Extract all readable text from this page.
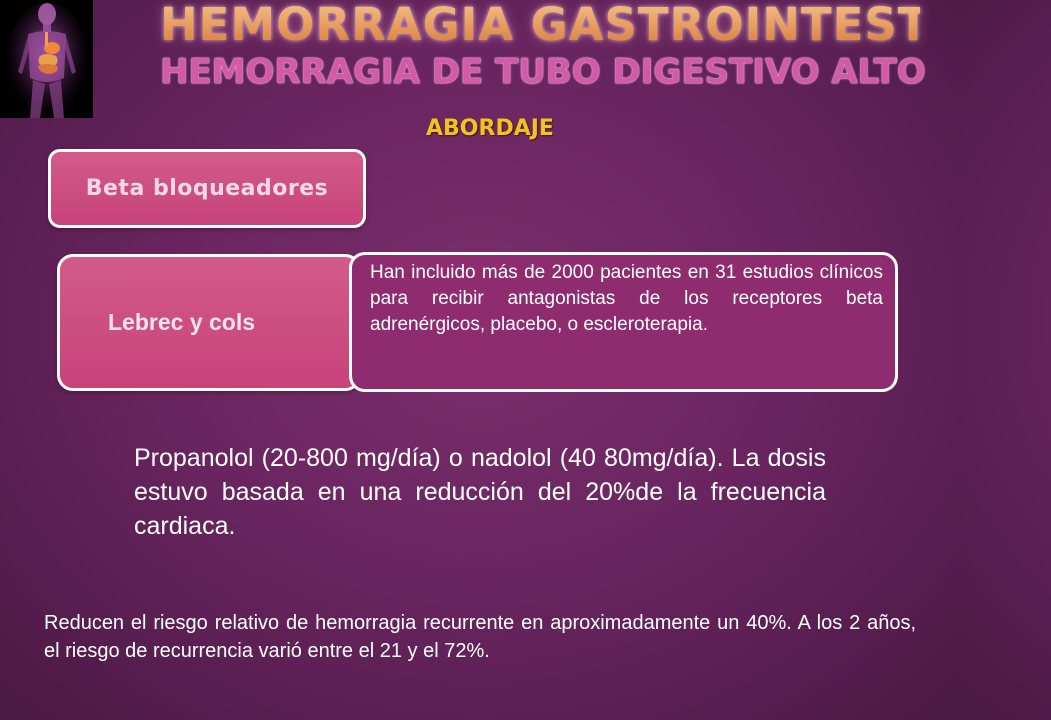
HEMORRAGIA GASTROINTESTINAL
HEMORRAGIA DE TUBO DIGESTIVO ALTO
ABORDAJE
Beta bloqueadores
Lebrec y cols
Han incluido más de 2000 pacientes en 31 estudios clínicos para recibir antagonistas de los receptores beta adrenérgicos, placebo, o escleroterapia.
Propanolol (20-800 mg/día) o nadolol (40 80mg/día). La dosis estuvo basada en una reducción del 20%de la frecuencia cardiaca.
Reducen el riesgo relativo de hemorragia recurrente en aproximadamente un 40%. A los 2 años, el riesgo de recurrencia varió entre el 21 y el 72%.
